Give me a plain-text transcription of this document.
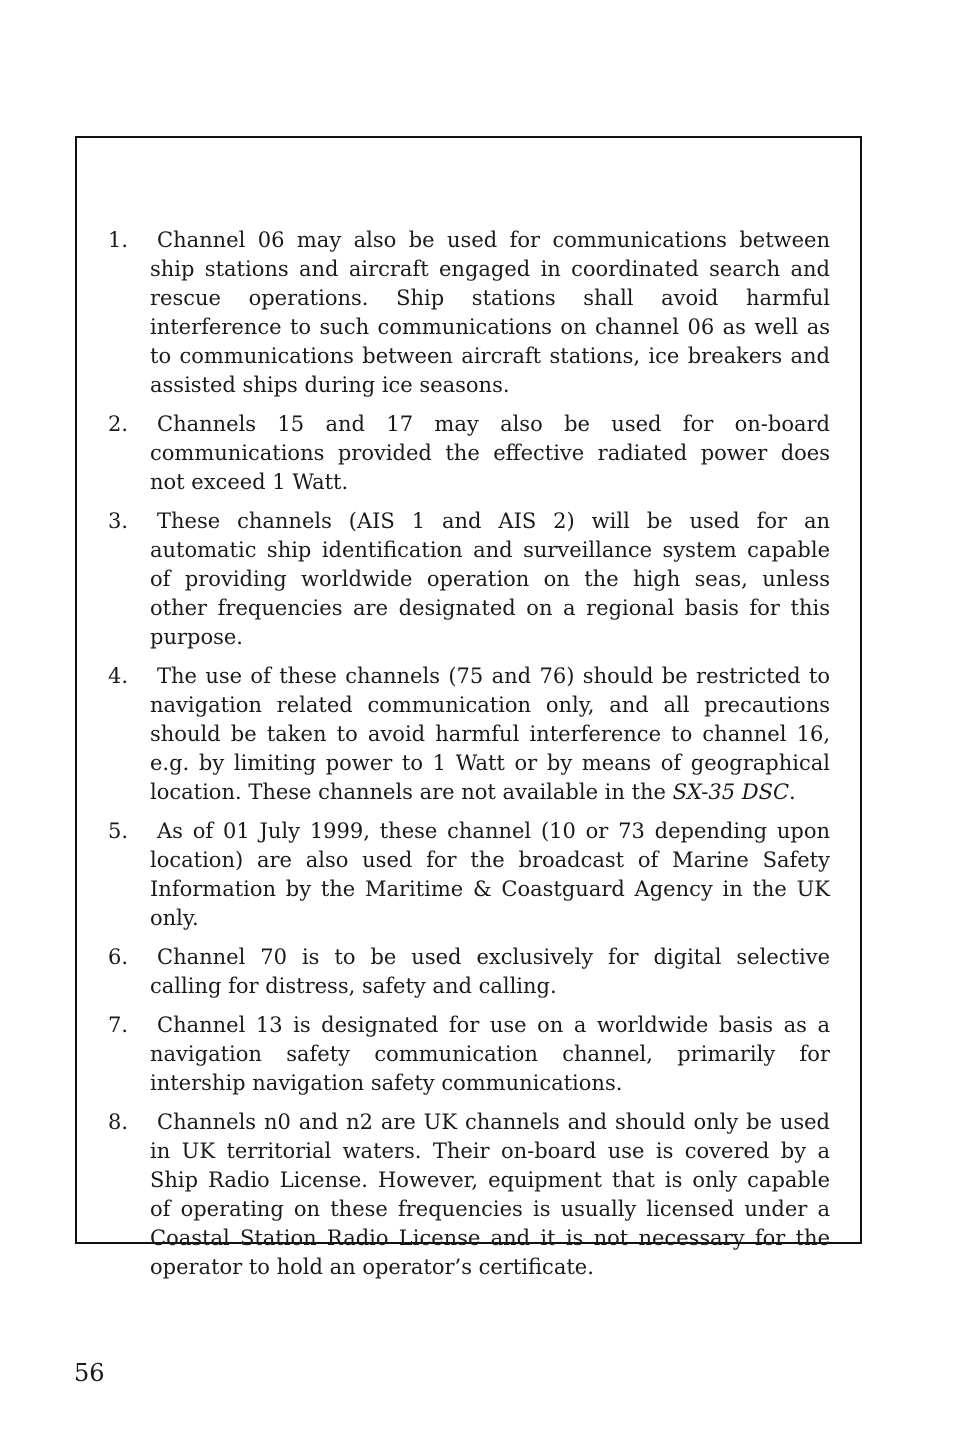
1. Channel 06 may also be used for communications between ship stations and aircraft engaged in coordinated search and rescue operations. Ship stations shall avoid harmful interference to such communications on channel 06 as well as to communications between aircraft stations, ice breakers and assisted ships during ice seasons.
2. Channels 15 and 17 may also be used for on-board communications provided the effective radiated power does not exceed 1 Watt.
3. These channels (AIS 1 and AIS 2) will be used for an automatic ship identification and surveillance system capable of providing worldwide operation on the high seas, unless other frequencies are designated on a regional basis for this purpose.
4. The use of these channels (75 and 76) should be restricted to navigation related communication only, and all precautions should be taken to avoid harmful interference to channel 16, e.g. by limiting power to 1 Watt or by means of geographical location. These channels are not available in the SX-35 DSC.
5. As of 01 July 1999, these channel (10 or 73 depending upon location) are also used for the broadcast of Marine Safety Information by the Maritime & Coastguard Agency in the UK only.
6. Channel 70 is to be used exclusively for digital selective calling for distress, safety and calling.
7. Channel 13 is designated for use on a worldwide basis as a navigation safety communication channel, primarily for intership navigation safety communications.
8. Channels n0 and n2 are UK channels and should only be used in UK territorial waters. Their on-board use is covered by a Ship Radio License. However, equipment that is only capable of operating on these frequencies is usually licensed under a Coastal Station Radio License and it is not necessary for the operator to hold an operator’s certificate.
56
